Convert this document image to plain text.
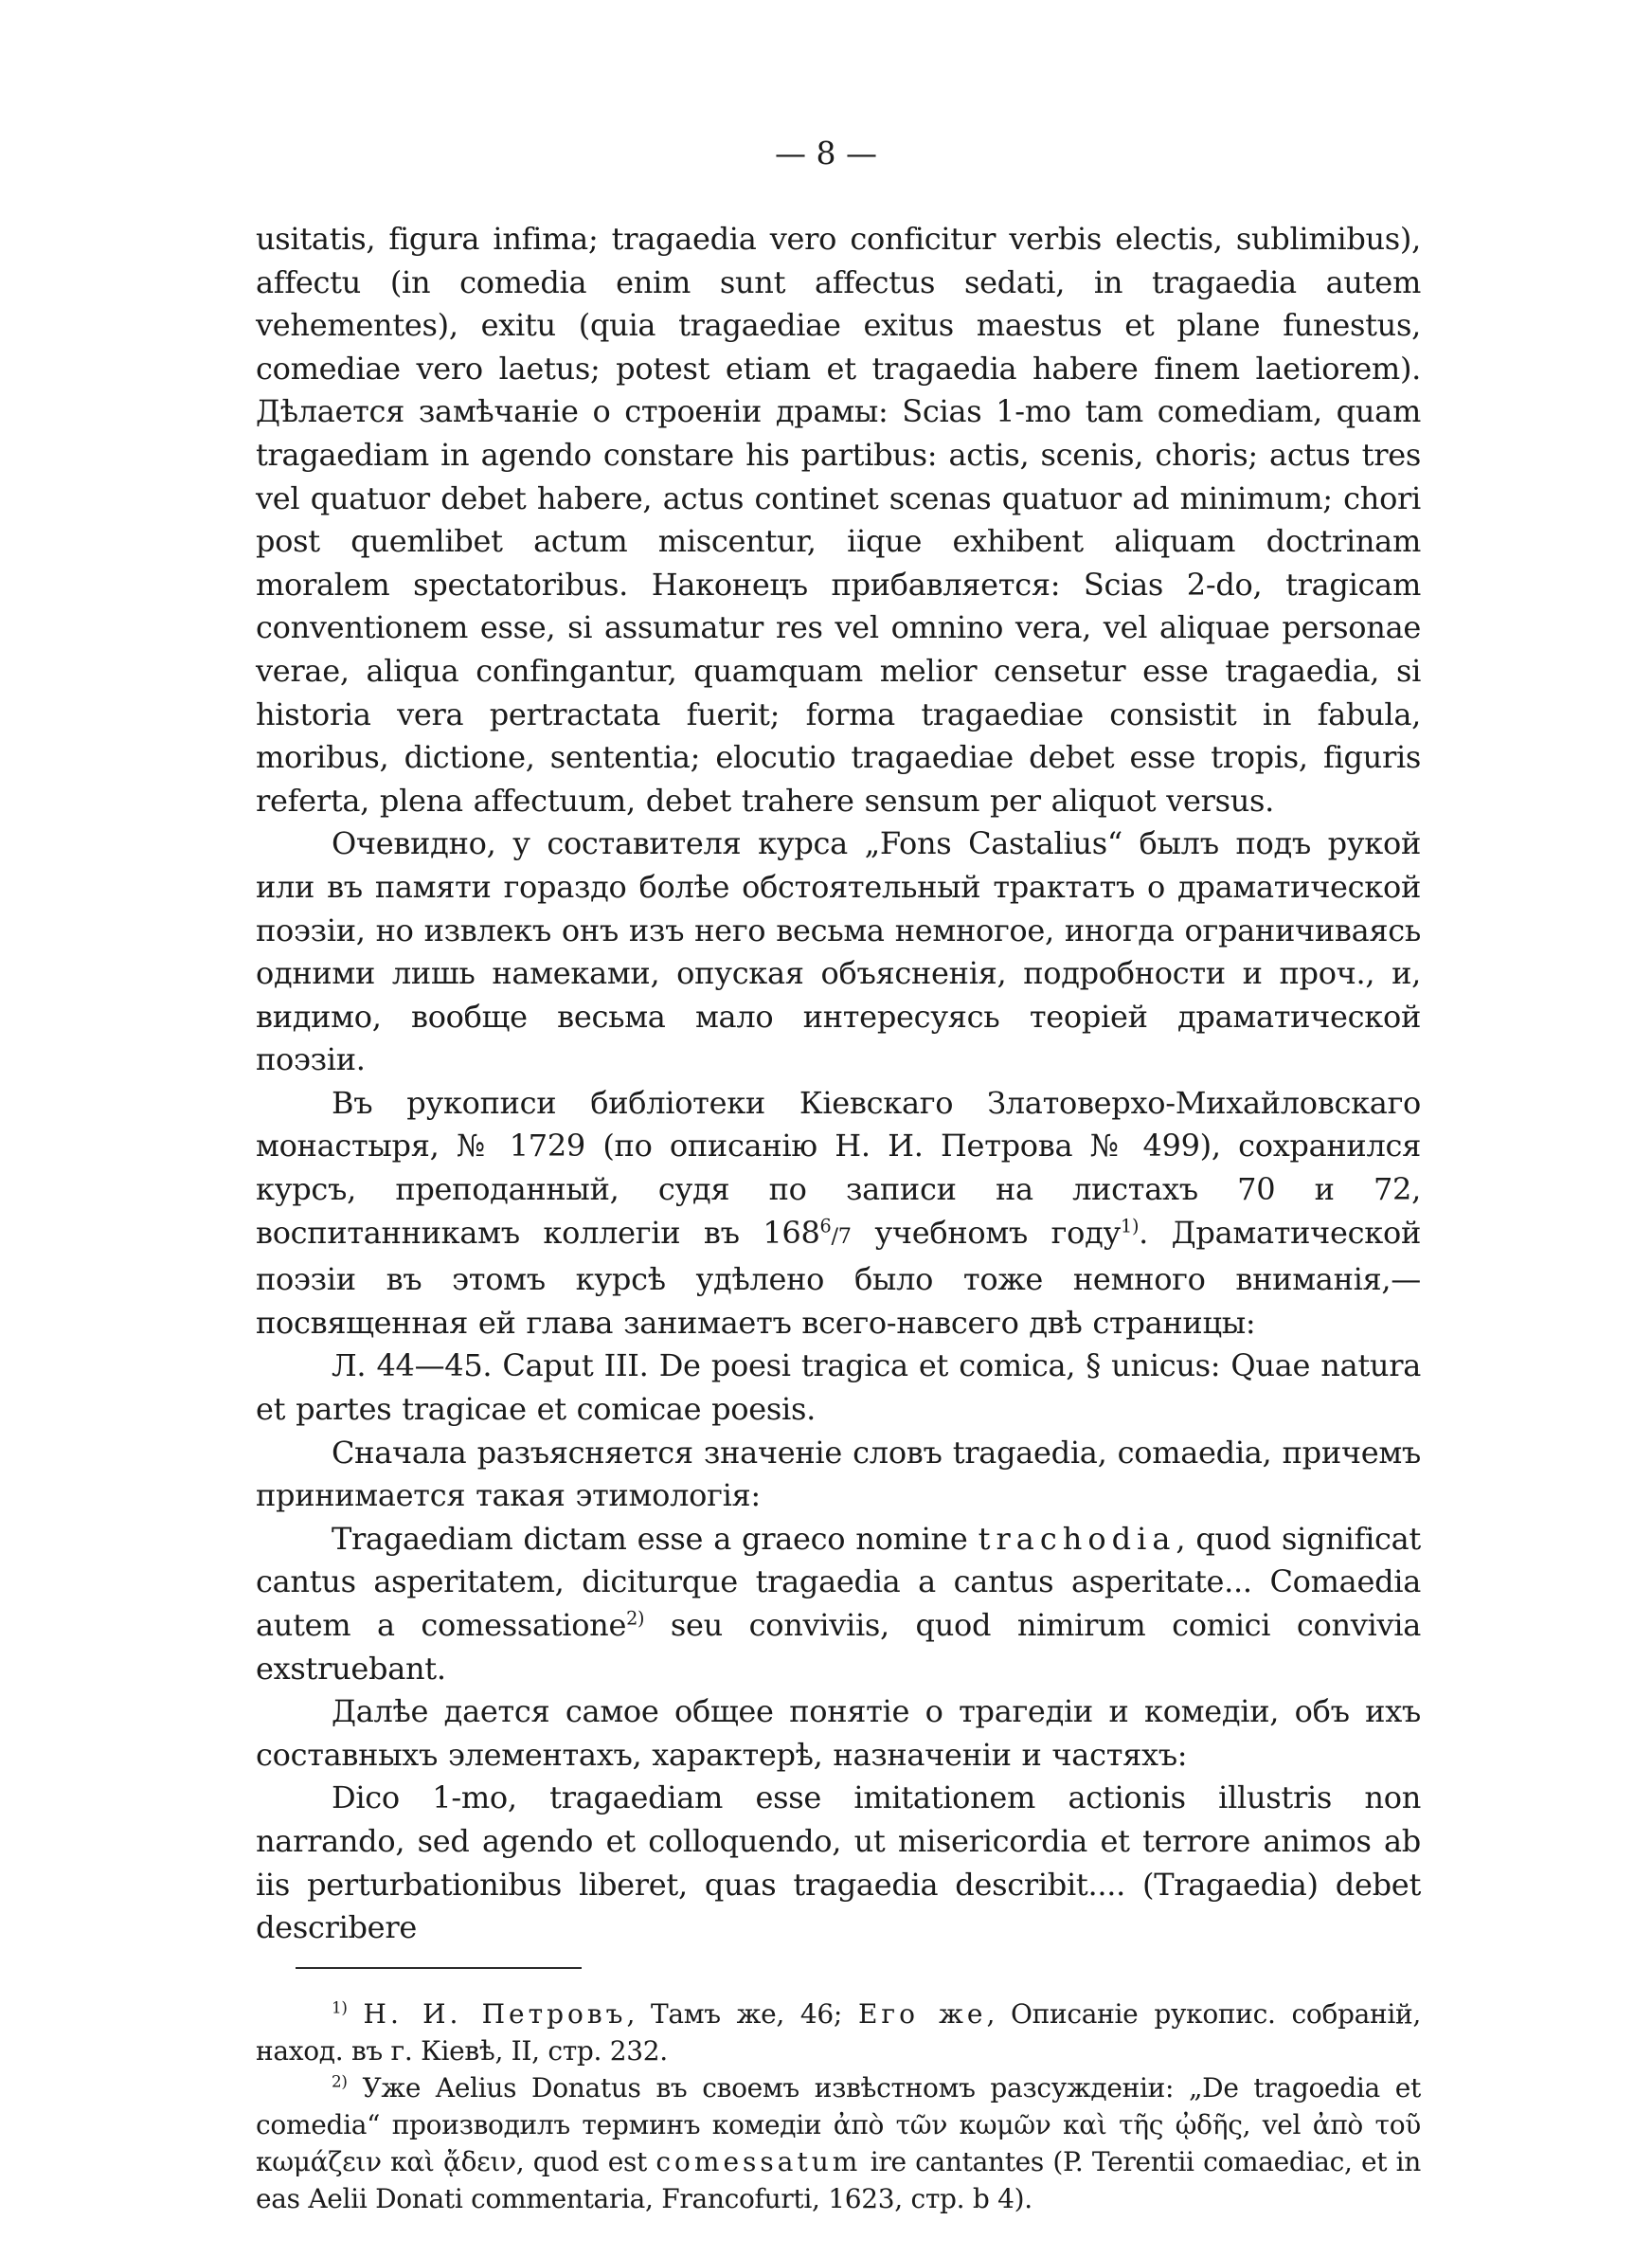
— 8 —

usitatis, figura infima; tragaedia vero conficitur verbis electis, sublimibus), affectu (in comedia enim sunt affectus sedati, in tragaedia autem vehementes), exitu (quia tragaediae exitus maestus et plane funestus, comediae vero laetus; potest etiam et tragaedia habere finem laetiorem). Дѣлается замѣчаніе о строеніи драмы: Scias 1-mo tam comediam, quam tragaediam in agendo constare his partibus: actis, scenis, choris; actus tres vel quatuor debet habere, actus continet scenas quatuor ad minimum; chori post quemlibet actum miscentur, iique exhibent aliquam doctrinam moralem spectatoribus. Наконецъ прибавляется: Scias 2-do, tragicam conventionem esse, si assumatur res vel omnino vera, vel aliquae personae verae, aliqua confingantur, quamquam melior censetur esse tragaedia, si historia vera pertractata fuerit; forma tragaediae consistit in fabula, moribus, dictione, sententia; elocutio tragaediae debet esse tropis, figuris referta, plena affectuum, debet trahere sensum per aliquot versus.

Очевидно, у составителя курса „Fons Castalius“ былъ подъ рукой или въ памяти гораздо болѣе обстоятельный трактатъ о драматической поэзіи, но извлекъ онъ изъ него весьма немногое, иногда ограничиваясь одними лишь намеками, опуская объясненія, подробности и проч., и, видимо, вообще весьма мало интересуясь теоріей драматической поэзіи.

Въ рукописи библіотеки Кіевскаго Златоверхо-Михайловскаго монастыря, № 1729 (по описанію Н. И. Петрова № 499), сохранился курсъ, преподанный, судя по записи на листахъ 70 и 72, воспитанникамъ коллегіи въ $168^6/7$ учебномъ году$^{1)}$. Драматической поэзіи въ этомъ курсѣ удѣлено было тоже немного вниманія,—посвященная ей глава занимаетъ всего-навсего двѣ страницы:

Л. 44—45. Caput III. De poesi tragica et comica, § unicus: Quae natura et partes tragicae et comicae poesis.

Сначала разъясняется значеніе словъ tragaedia, comaedia, причемъ принимается такая этимологія:

Tragaediam dictam esse a graeco nomine trachodia, quod significat cantus asperitatem, diciturque tragaedia a cantus asperitate... Comaedia autem a comessatione$^{2)}$ seu conviviis, quod nimirum comici convivia exstruebant.

Далѣе дается самое общее понятіе о трагедіи и комедіи, объ ихъ составныхъ элементахъ, характерѣ, назначеніи и частяхъ:

Dico 1-mo, tragaediam esse imitationem actionis illustris non narrando, sed agendo et colloquendo, ut misericordia et terrore animos ab iis perturbationibus liberet, quas tragaedia describit.... (Tragaedia) debet describere

$^{1)}$ Н. И. Петровъ, Тамъ же, 46; Его же, Описаніе рукопис. собраній, наход. въ г. Кіевѣ, II, стр. 232.

$^{2)}$ Уже Aelius Donatus въ своемъ извѣстномъ разсужденіи: „De tragoedia et comedia“ производилъ терминъ комедіи ἀπὸ τῶν κωμῶν καὶ τῆς ᾠδῆς, vel ἀπὸ τοῦ κωμάζειν καὶ ᾄδειν, quod est comessatum ire cantantes (P. Terentii comaediac, et in eas Aelii Donati commentaria, Francofurti, 1623, стр. b 4).
